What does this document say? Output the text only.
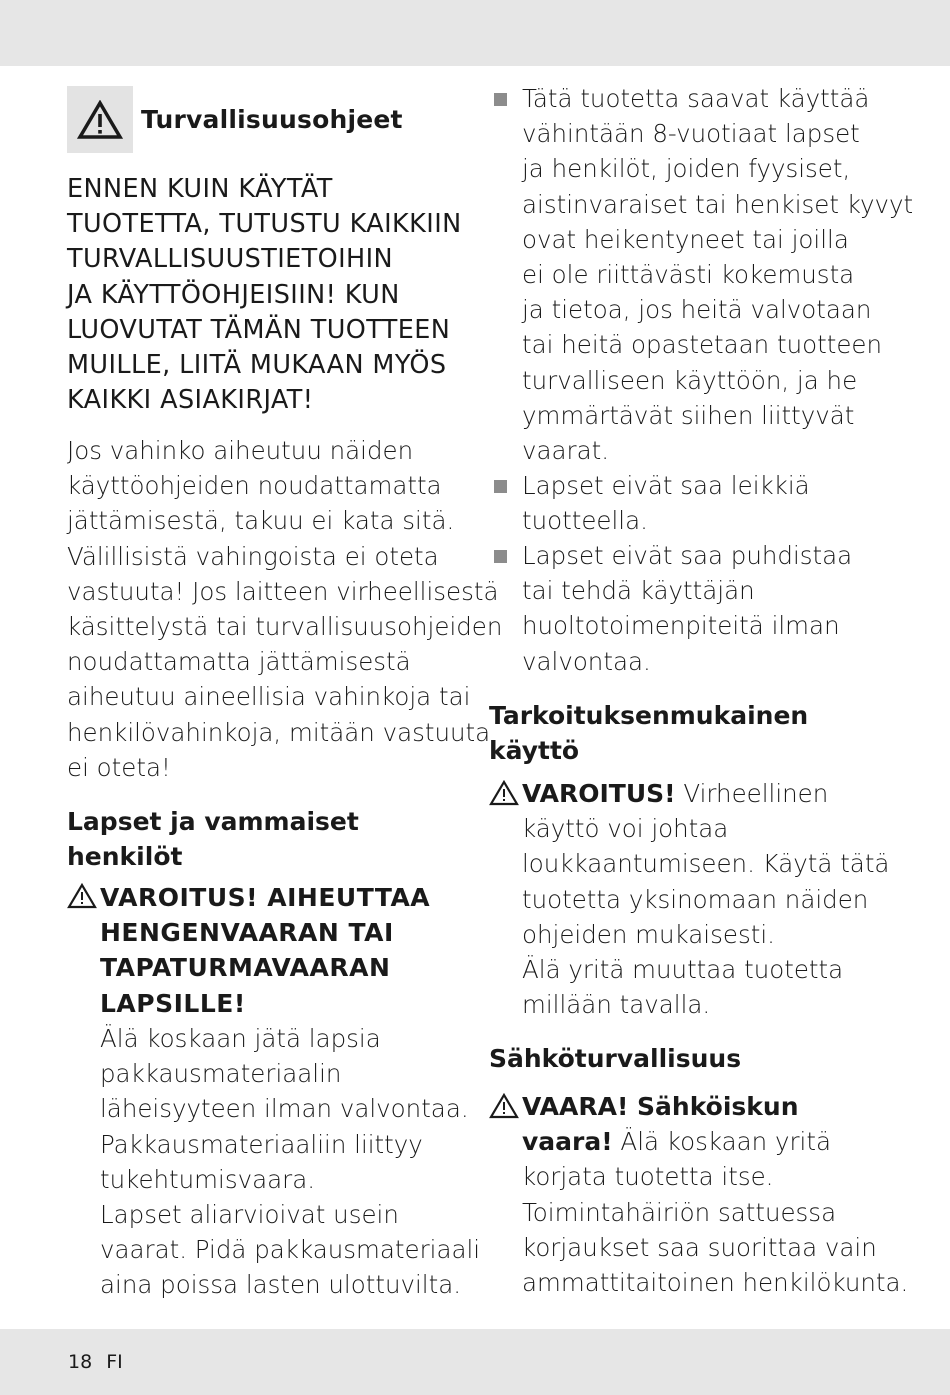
Turvallisuusohjeet
ENNEN KUIN KÄYTÄT
TUOTETTA, TUTUSTU KAIKKIIN
TURVALLISUUSTIETOIHIN
JA KÄYTTÖOHJEISIIN! KUN
LUOVUTAT TÄMÄN TUOTTEEN
MUILLE, LIITÄ MUKAAN MYÖS
KAIKKI ASIAKIRJAT!
Jos vahinko aiheutuu näiden
käyttöohjeiden noudattamatta
jättämisestä, takuu ei kata sitä.
Välillisistä vahingoista ei oteta
vastuuta! Jos laitteen virheellisestä
käsittelystä tai turvallisuusohjeiden
noudattamatta jättämisestä
aiheutuu aineellisia vahinkoja tai
henkilövahinkoja, mitään vastuuta
ei oteta!
Lapset ja vammaiset
henkilöt
VAROITUS! AIHEUTTAA
HENGENVAARAN TAI
TAPATURMAVAARAN
LAPSILLE!
Älä koskaan jätä lapsia
pakkausmateriaalin
läheisyyteen ilman valvontaa.
Pakkausmateriaaliin liittyy
tukehtumisvaara.
Lapset aliarvioivat usein
vaarat. Pidä pakkausmateriaali
aina poissa lasten ulottuvilta.
Tätä tuotetta saavat käyttää
vähintään 8-vuotiaat lapset
ja henkilöt, joiden fyysiset,
aistinvaraiset tai henkiset kyvyt
ovat heikentyneet tai joilla
ei ole riittävästi kokemusta
ja tietoa, jos heitä valvotaan
tai heitä opastetaan tuotteen
turvalliseen käyttöön, ja he
ymmärtävät siihen liittyvät
vaarat.
Lapset eivät saa leikkiä
tuotteella.
Lapset eivät saa puhdistaa
tai tehdä käyttäjän
huoltotoimenpiteitä ilman
valvontaa.
Tarkoituksenmukainen
käyttö
VAROITUS! Virheellinen
käyttö voi johtaa
loukkaantumiseen. Käytä tätä
tuotetta yksinomaan näiden
ohjeiden mukaisesti.
Älä yritä muuttaa tuotetta
millään tavalla.
Sähköturvallisuus
VAARA! Sähköiskun
vaara! Älä koskaan yritä
korjata tuotetta itse.
Toimintahäiriön sattuessa
korjaukset saa suorittaa vain
ammattitaitoinen henkilökunta.
18 FI
